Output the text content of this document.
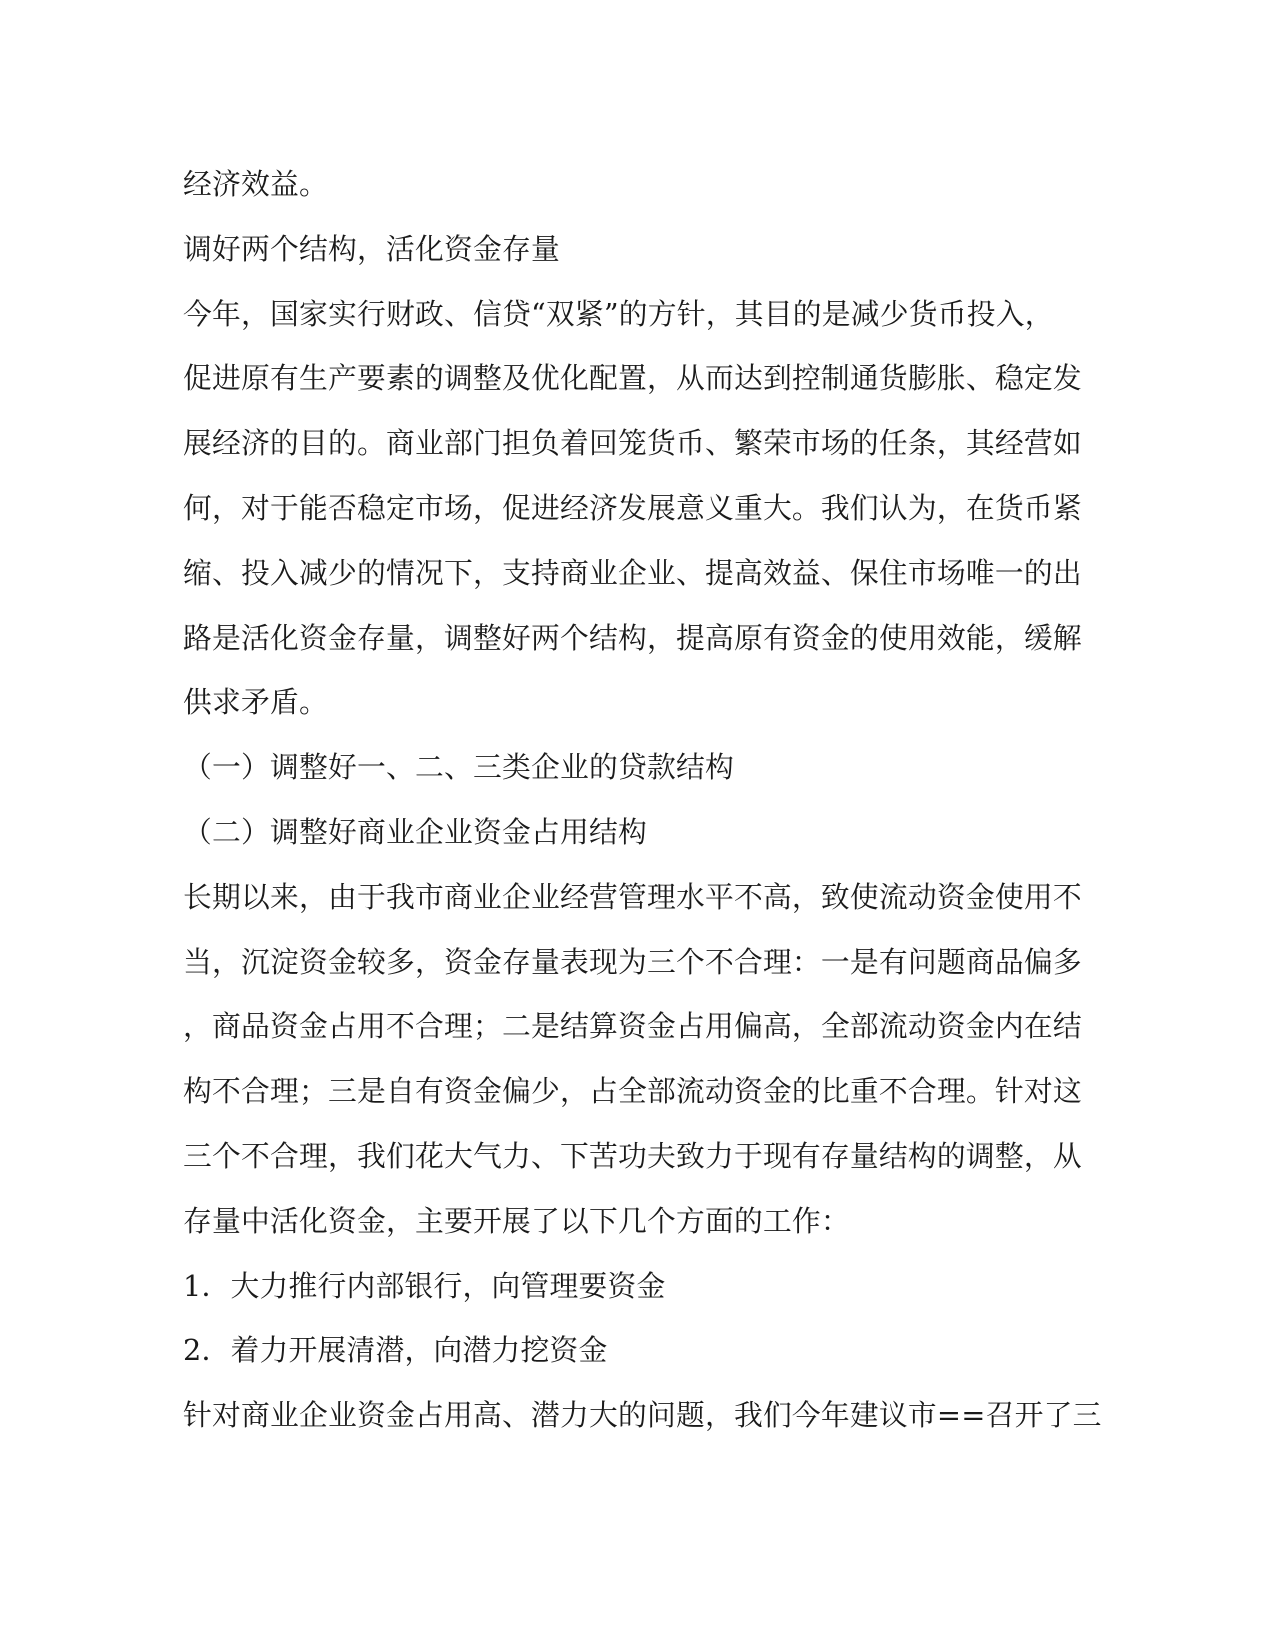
经济效益。
调好两个结构，活化资金存量
今年，国家实行财政、信贷“双紧”的方针，其目的是减少货币投入，
促进原有生产要素的调整及优化配置，从而达到控制通货膨胀、稳定发
展经济的目的。商业部门担负着回笼货币、繁荣市场的任条，其经营如
何，对于能否稳定市场，促进经济发展意义重大。我们认为，在货币紧
缩、投入减少的情况下，支持商业企业、提高效益、保住市场唯一的出
路是活化资金存量，调整好两个结构，提高原有资金的使用效能，缓解
供求矛盾。
（一）调整好一、二、三类企业的贷款结构
（二）调整好商业企业资金占用结构
长期以来，由于我市商业企业经营管理水平不高，致使流动资金使用不
当，沉淀资金较多，资金存量表现为三个不合理：一是有问题商品偏多
，商品资金占用不合理；二是结算资金占用偏高，全部流动资金内在结
构不合理；三是自有资金偏少，占全部流动资金的比重不合理。针对这
三个不合理，我们花大气力、下苦功夫致力于现有存量结构的调整，从
存量中活化资金，主要开展了以下几个方面的工作：
1．大力推行内部银行，向管理要资金
2．着力开展清潜，向潜力挖资金
针对商业企业资金占用高、潜力大的问题，我们今年建议市==召开了三
